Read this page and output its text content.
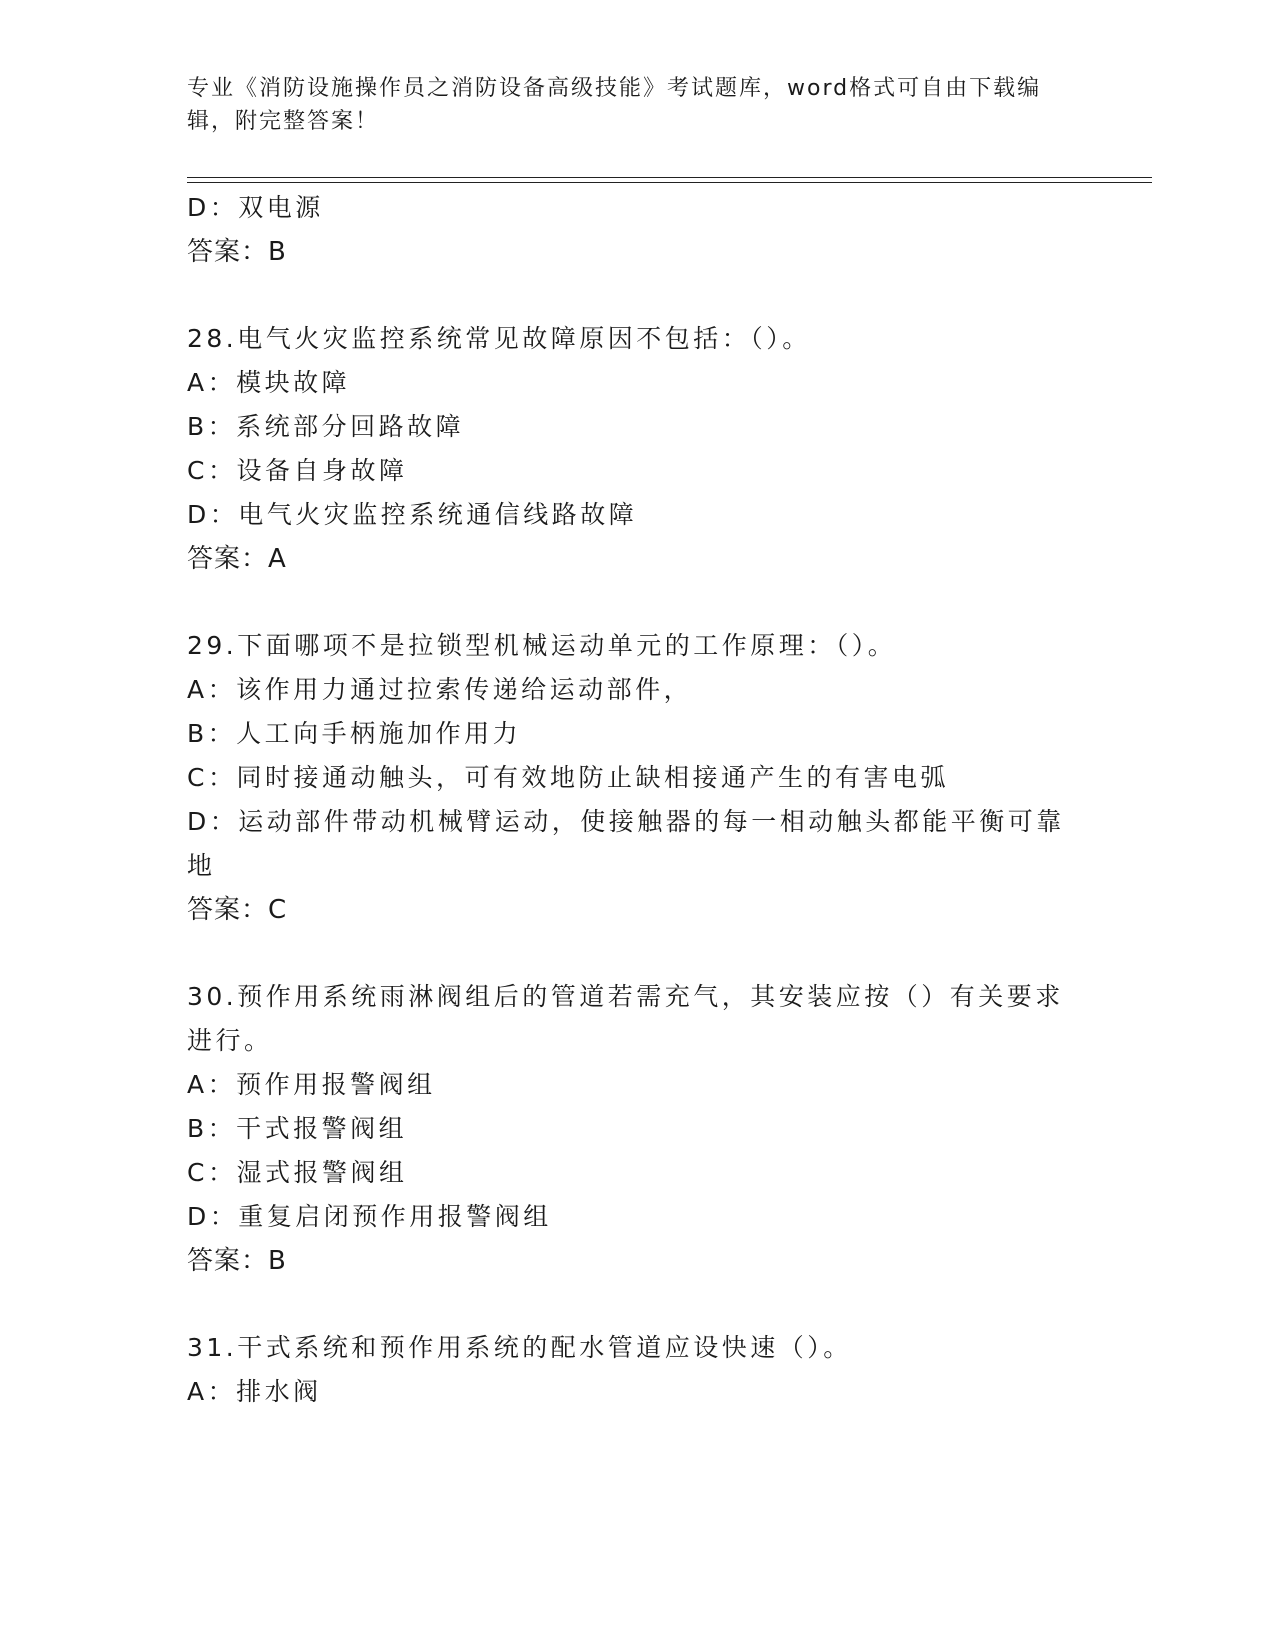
专业《消防设施操作员之消防设备高级技能》考试题库，word格式可自由下载编辑，附完整答案！
D：双电源
答案：B
28.电气火灾监控系统常见故障原因不包括：（）。
A：模块故障
B：系统部分回路故障
C：设备自身故障
D：电气火灾监控系统通信线路故障
答案：A
29.下面哪项不是拉锁型机械运动单元的工作原理：（）。
A：该作用力通过拉索传递给运动部件，
B：人工向手柄施加作用力
C：同时接通动触头，可有效地防止缺相接通产生的有害电弧
D：运动部件带动机械臂运动，使接触器的每一相动触头都能平衡可靠
地
答案：C
30.预作用系统雨淋阀组后的管道若需充气，其安装应按（）有关要求
进行。
A：预作用报警阀组
B：干式报警阀组
C：湿式报警阀组
D：重复启闭预作用报警阀组
答案：B
31.干式系统和预作用系统的配水管道应设快速（）。
A：排水阀
